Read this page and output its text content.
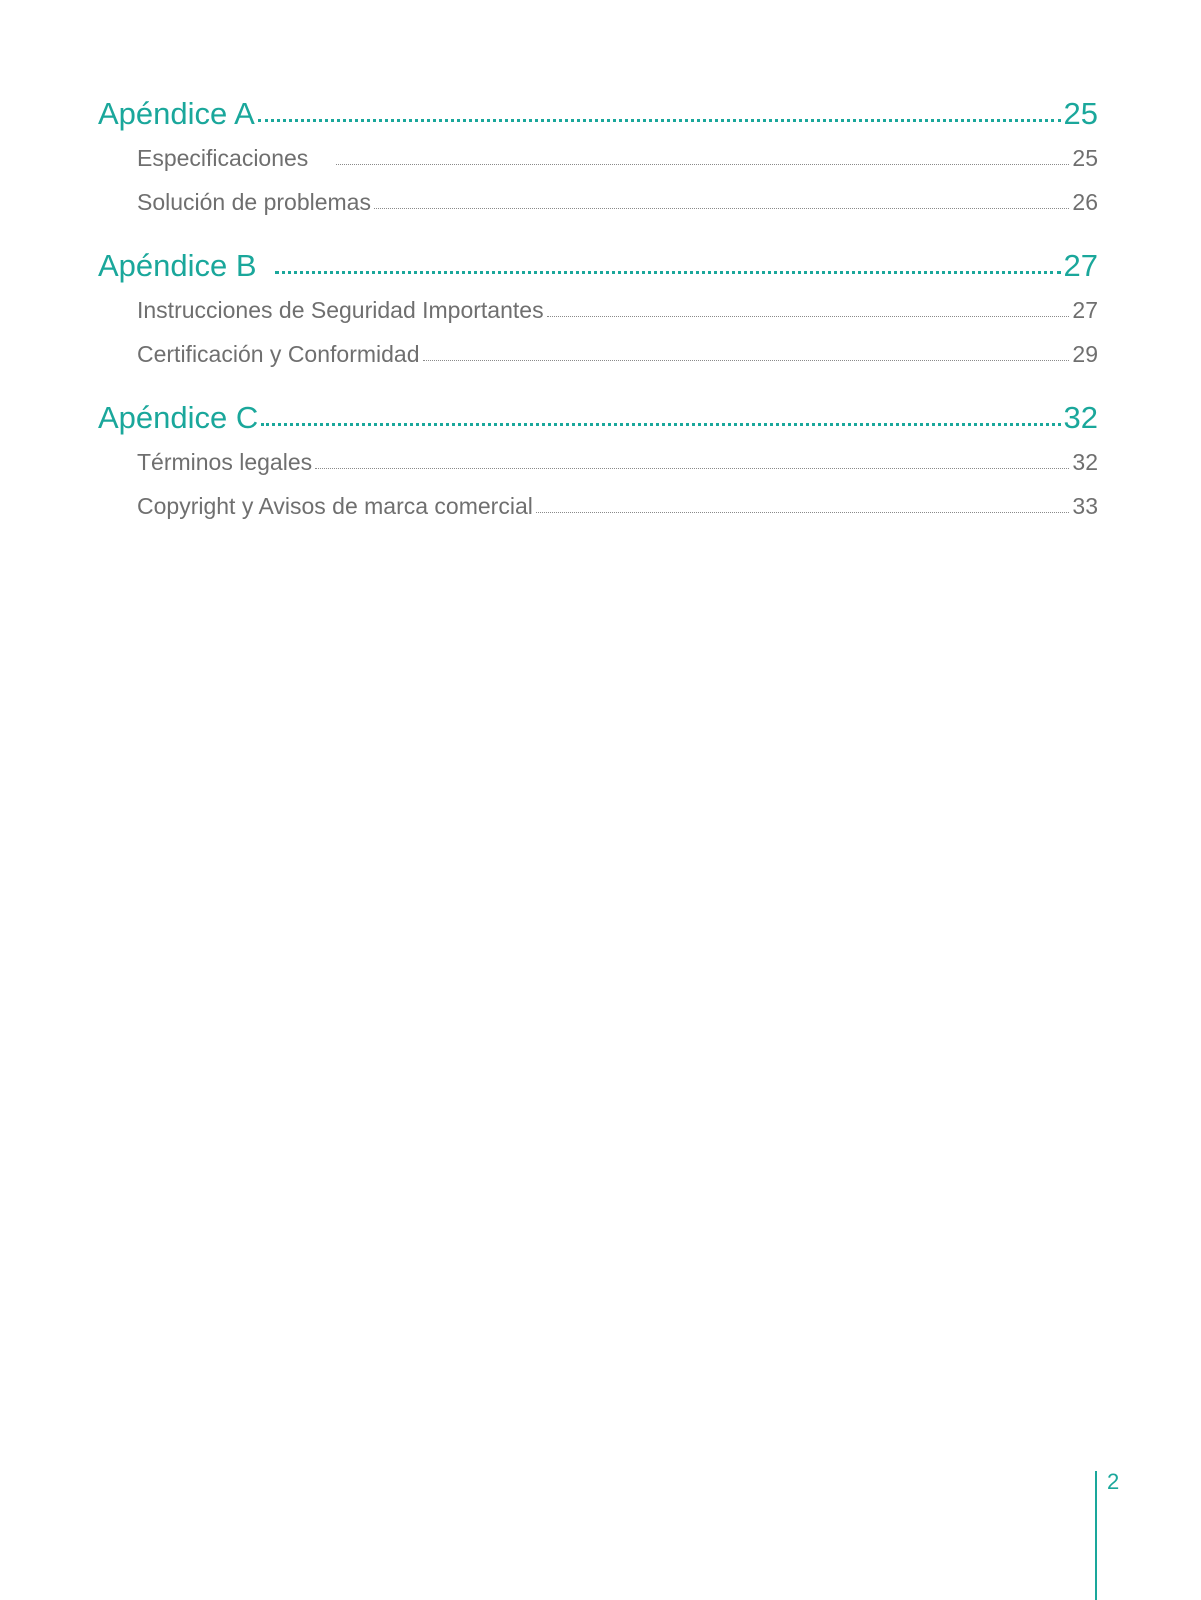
Apéndice A	25
Especificaciones	25
Solución de problemas	26
Apéndice B	27
Instrucciones de Seguridad Importantes	27
Certificación y Conformidad	29
Apéndice C	32
Términos legales	32
Copyright y Avisos de marca comercial	33
2
